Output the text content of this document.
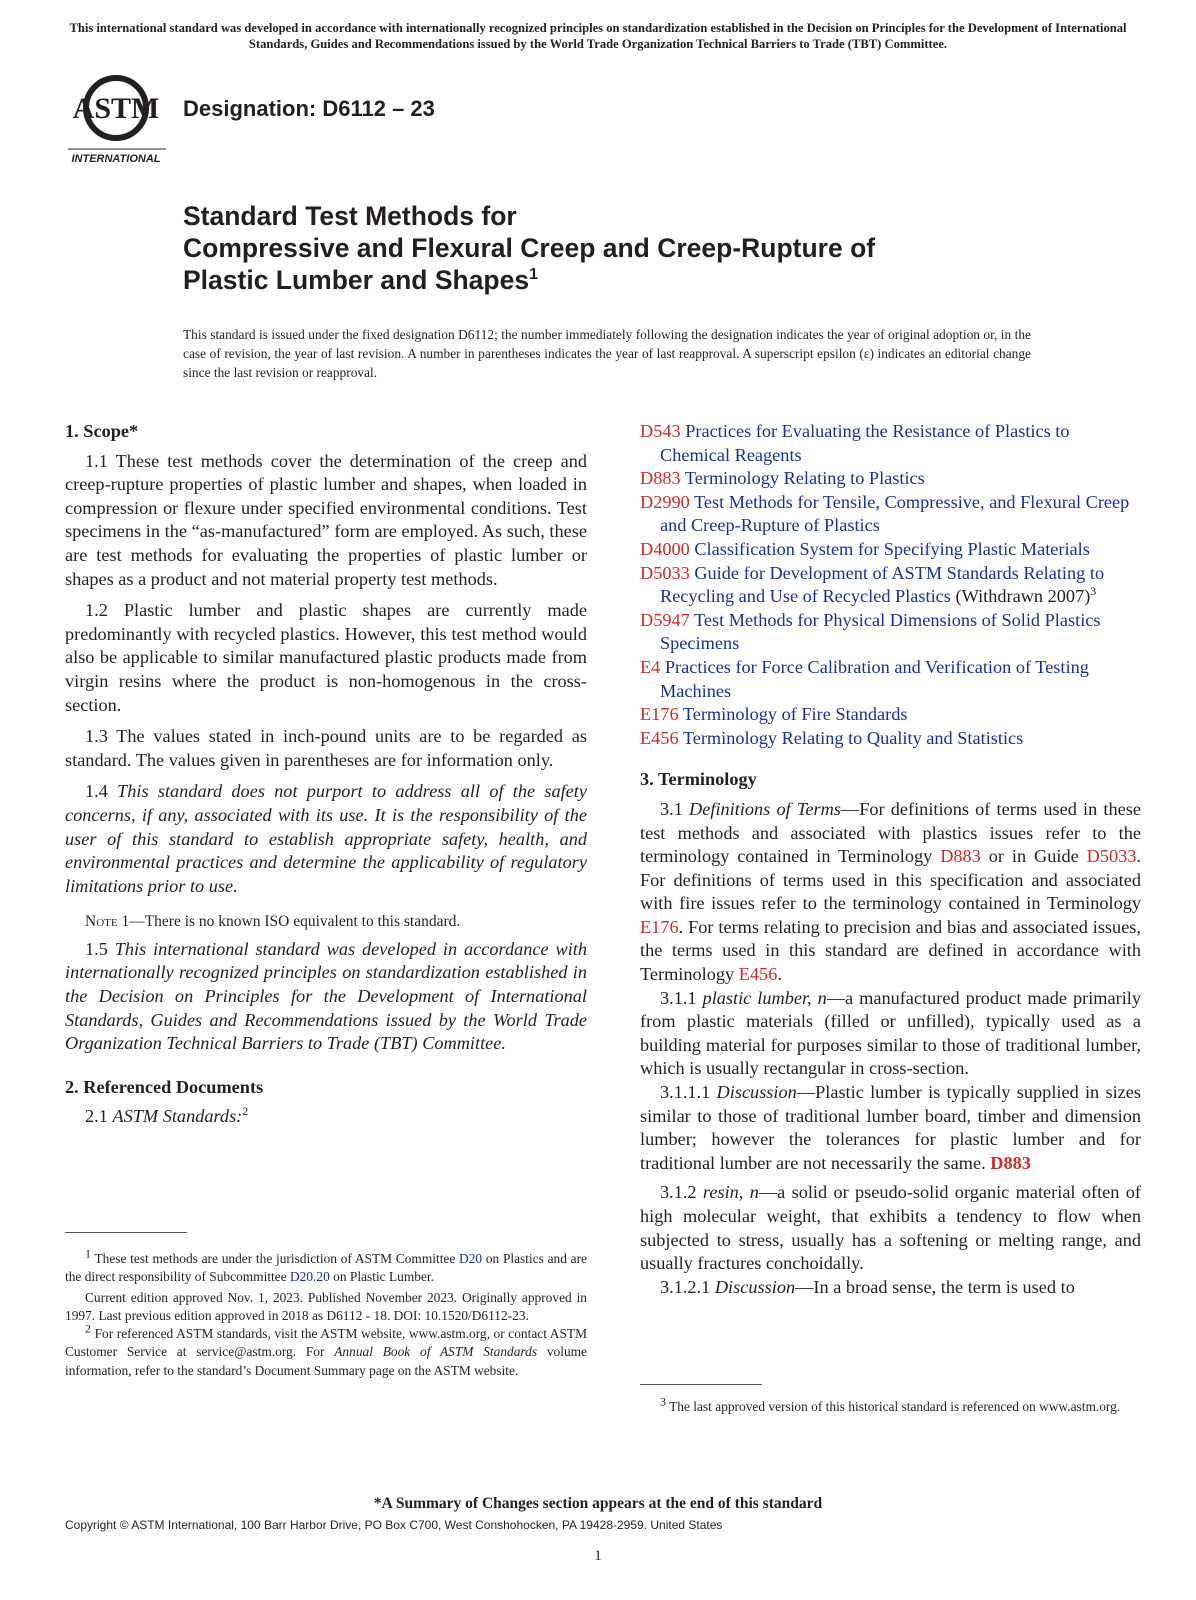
This international standard was developed in accordance with internationally recognized principles on standardization established in the Decision on Principles for the Development of International Standards, Guides and Recommendations issued by the World Trade Organization Technical Barriers to Trade (TBT) Committee.
ASTM
INTERNATIONAL
Designation: D6112 – 23
Standard Test Methods for
Compressive and Flexural Creep and Creep-Rupture of
Plastic Lumber and Shapes$^1$
This standard is issued under the fixed designation D6112; the number immediately following the designation indicates the year of original adoption or, in the case of revision, the year of last revision. A number in parentheses indicates the year of last reapproval. A superscript epsilon (ε) indicates an editorial change since the last revision or reapproval.
1. Scope*

1.1 These test methods cover the determination of the creep and creep-rupture properties of plastic lumber and shapes, when loaded in compression or flexure under specified environmental conditions. Test specimens in the “as-manufactured” form are employed. As such, these are test methods for evaluating the properties of plastic lumber or shapes as a product and not material property test methods.

1.2 Plastic lumber and plastic shapes are currently made predominantly with recycled plastics. However, this test method would also be applicable to similar manufactured plastic products made from virgin resins where the product is non-homogenous in the cross-section.

1.3 The values stated in inch-pound units are to be regarded as standard. The values given in parentheses are for information only.

1.4 This standard does not purport to address all of the safety concerns, if any, associated with its use. It is the responsibility of the user of this standard to establish appropriate safety, health, and environmental practices and determine the applicability of regulatory limitations prior to use.

Note 1—There is no known ISO equivalent to this standard.

1.5 This international standard was developed in accordance with internationally recognized principles on standardization established in the Decision on Principles for the Development of International Standards, Guides and Recommendations issued by the World Trade Organization Technical Barriers to Trade (TBT) Committee.

2. Referenced Documents

2.1 ASTM Standards:$^2$

$^1$ These test methods are under the jurisdiction of ASTM Committee D20 on Plastics and are the direct responsibility of Subcommittee D20.20 on Plastic Lumber.

Current edition approved Nov. 1, 2023. Published November 2023. Originally approved in 1997. Last previous edition approved in 2018 as D6112 - 18. DOI: 10.1520/D6112-23.

$^2$ For referenced ASTM standards, visit the ASTM website, www.astm.org, or contact ASTM Customer Service at service@astm.org. For Annual Book of ASTM Standards volume information, refer to the standard’s Document Summary page on the ASTM website.

D543 Practices for Evaluating the Resistance of Plastics to Chemical Reagents

D883 Terminology Relating to Plastics

D2990 Test Methods for Tensile, Compressive, and Flexural Creep and Creep-Rupture of Plastics

D4000 Classification System for Specifying Plastic Materials

D5033 Guide for Development of ASTM Standards Relating to Recycling and Use of Recycled Plastics (Withdrawn 2007)$^3$

D5947 Test Methods for Physical Dimensions of Solid Plastics Specimens

E4 Practices for Force Calibration and Verification of Testing Machines

E176 Terminology of Fire Standards

E456 Terminology Relating to Quality and Statistics

3. Terminology

3.1 Definitions of Terms—For definitions of terms used in these test methods and associated with plastics issues refer to the terminology contained in Terminology D883 or in Guide D5033. For definitions of terms used in this specification and associated with fire issues refer to the terminology contained in Terminology E176. For terms relating to precision and bias and associated issues, the terms used in this standard are defined in accordance with Terminology E456.

3.1.1 plastic lumber, n—a manufactured product made primarily from plastic materials (filled or unfilled), typically used as a building material for purposes similar to those of traditional lumber, which is usually rectangular in cross-section.

3.1.1.1 Discussion—Plastic lumber is typically supplied in sizes similar to those of traditional lumber board, timber and dimension lumber; however the tolerances for plastic lumber and for traditional lumber are not necessarily the same. D883

3.1.2 resin, n—a solid or pseudo-solid organic material often of high molecular weight, that exhibits a tendency to flow when subjected to stress, usually has a softening or melting range, and usually fractures conchoidally.

3.1.2.1 Discussion—In a broad sense, the term is used to

$^3$ The last approved version of this historical standard is referenced on www.astm.org.

*A Summary of Changes section appears at the end of this standard
Copyright © ASTM International, 100 Barr Harbor Drive, PO Box C700, West Conshohocken, PA 19428-2959. United States
1
